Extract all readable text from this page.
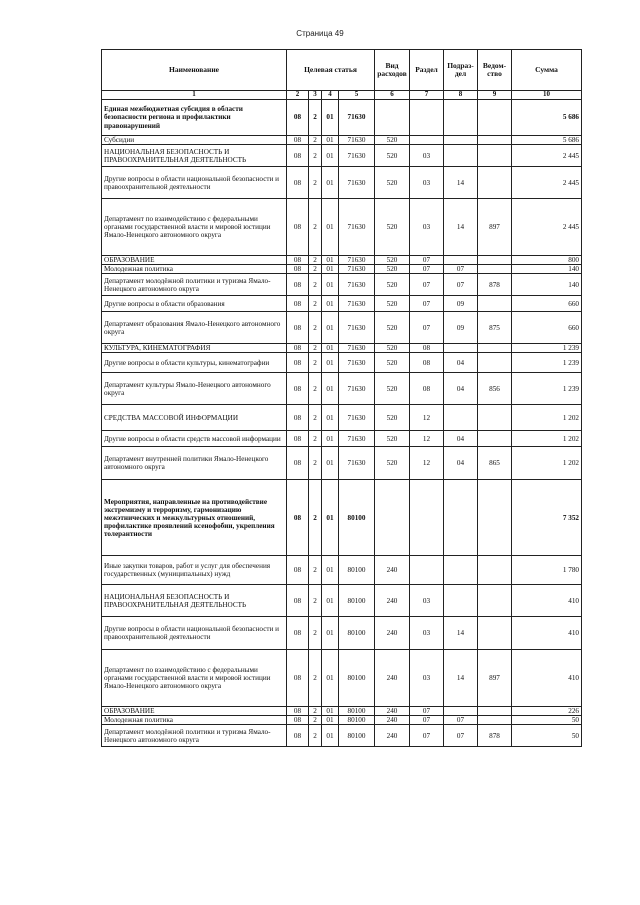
Страница 49
Наименование	Целевая статья				Вид расходов	Раздел	Подраз-дел	Ведом-ство	Сумма
1	2	3	4	5	6	7	8	9	10
Единая межбюджетная субсидия в области безопасности региона и профилактики правонарушений	08	2	01	71630					5 686
Субсидии	08	2	01	71630	520				5 686
НАЦИОНАЛЬНАЯ БЕЗОПАСНОСТЬ И ПРАВООХРАНИТЕЛЬНАЯ ДЕЯТЕЛЬНОСТЬ	08	2	01	71630	520	03			2 445
Другие вопросы в области национальной безопасности и правоохранительной деятельности	08	2	01	71630	520	03	14		2 445
Департамент по взаимодействию с федеральными органами государственной власти и мировой юстиции Ямало-Ненецкого автономного округа	08	2	01	71630	520	03	14	897	2 445
ОБРАЗОВАНИЕ	08	2	01	71630	520	07			800
Молодежная политика	08	2	01	71630	520	07	07		140
Департамент молодёжной политики и туризма Ямало-Ненецкого автономного округа	08	2	01	71630	520	07	07	878	140
Другие вопросы в области образования	08	2	01	71630	520	07	09		660
Департамент образования Ямало-Ненецкого автономного округа	08	2	01	71630	520	07	09	875	660
КУЛЬТУРА, КИНЕМАТОГРАФИЯ	08	2	01	71630	520	08			1 239
Другие вопросы в области культуры, кинематографии	08	2	01	71630	520	08	04		1 239
Департамент культуры Ямало-Ненецкого автономного округа	08	2	01	71630	520	08	04	856	1 239
СРЕДСТВА МАССОВОЙ ИНФОРМАЦИИ	08	2	01	71630	520	12			1 202
Другие вопросы в области средств массовой информации	08	2	01	71630	520	12	04		1 202
Департамент внутренней политики Ямало-Ненецкого автономного округа	08	2	01	71630	520	12	04	865	1 202
Мероприятия, направленные на противодействие экстремизму и терроризму, гармонизацию межэтнических и межкультурных отношений, профилактике проявлений ксенофобии, укрепления толерантности	08	2	01	80100					7 352
Иные закупки товаров, работ и услуг для обеспечения государственных (муниципальных) нужд	08	2	01	80100	240				1 780
НАЦИОНАЛЬНАЯ БЕЗОПАСНОСТЬ И ПРАВООХРАНИТЕЛЬНАЯ ДЕЯТЕЛЬНОСТЬ	08	2	01	80100	240	03			410
Другие вопросы в области национальной безопасности и правоохранительной деятельности	08	2	01	80100	240	03	14		410
Департамент по взаимодействию с федеральными органами государственной власти и мировой юстиции Ямало-Ненецкого автономного округа	08	2	01	80100	240	03	14	897	410
ОБРАЗОВАНИЕ	08	2	01	80100	240	07			226
Молодежная политика	08	2	01	80100	240	07	07		50
Департамент молодёжной политики и туризма Ямало-Ненецкого автономного округа	08	2	01	80100	240	07	07	878	50
